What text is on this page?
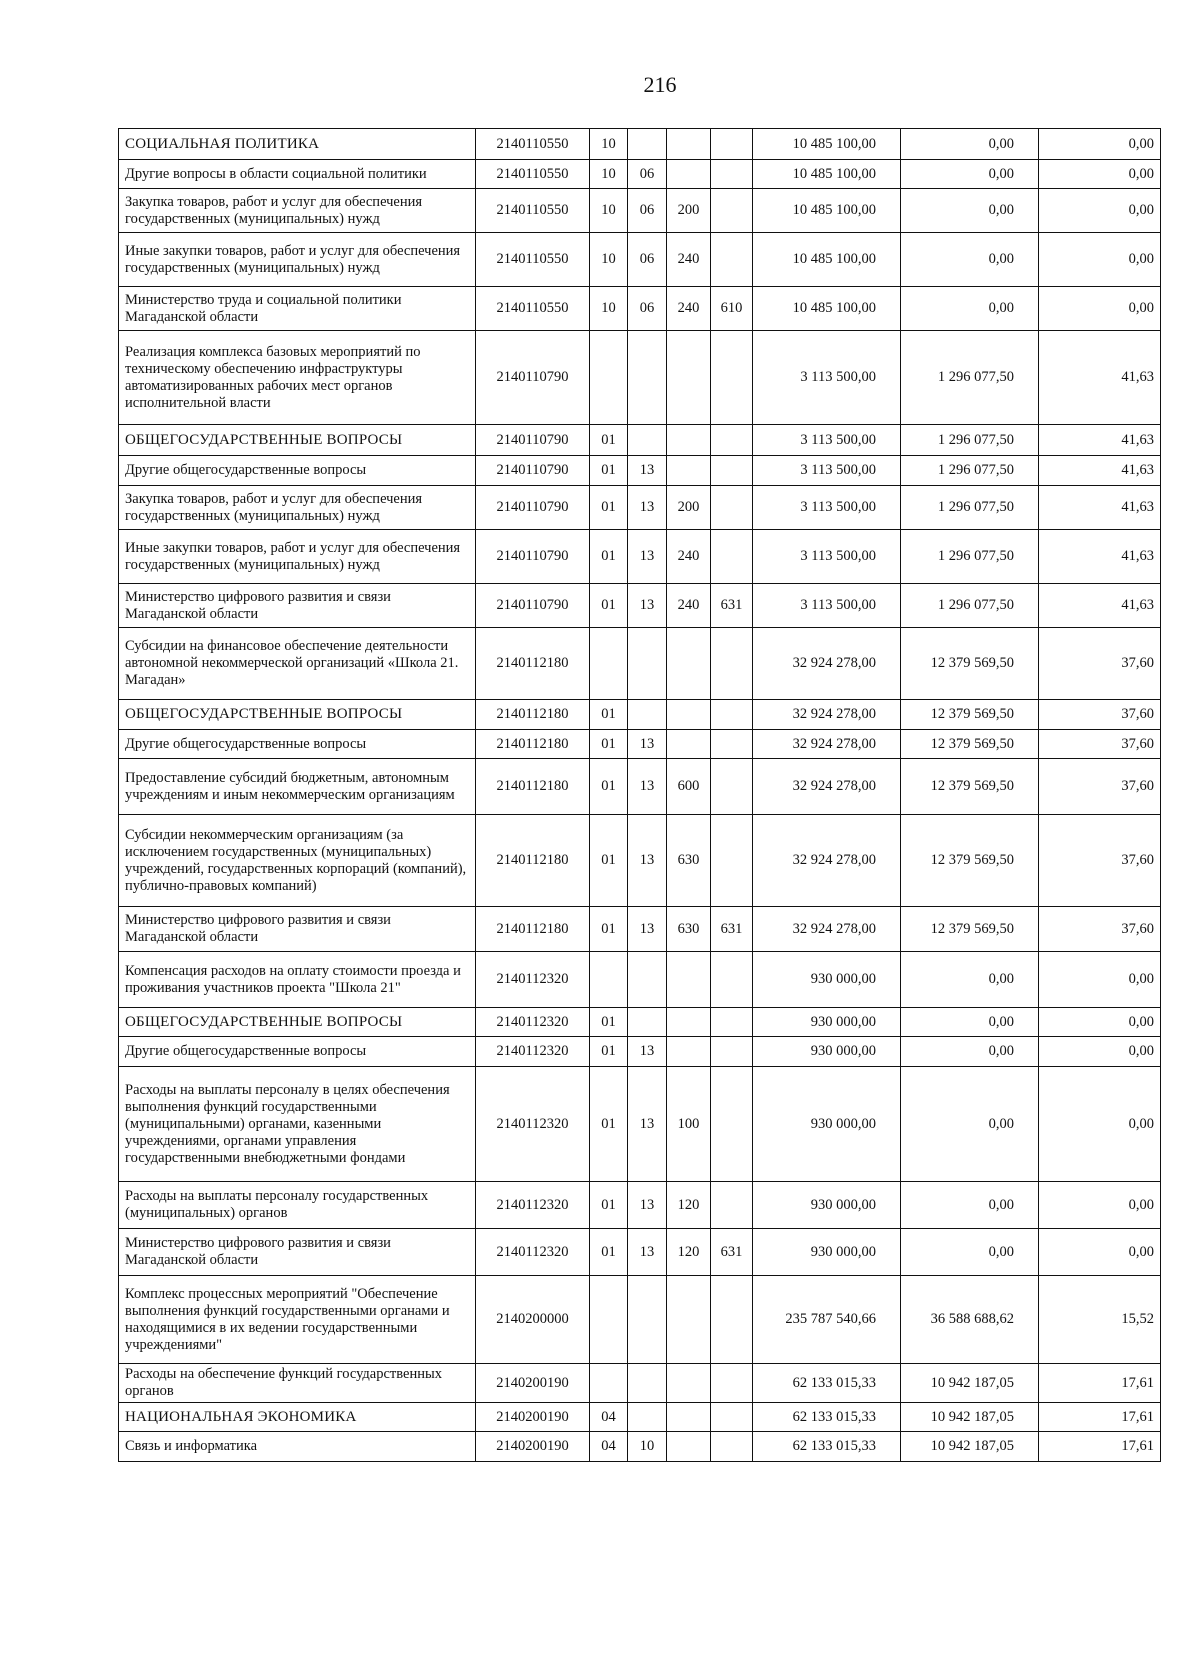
216
СОЦИАЛЬНАЯ ПОЛИТИКА	2140110550	10				10 485 100,00	0,00	0,00
Другие вопросы в области социальной политики	2140110550	10	06			10 485 100,00	0,00	0,00
Закупка товаров, работ и услуг для обеспечения государственных (муниципальных) нужд	2140110550	10	06	200		10 485 100,00	0,00	0,00
Иные закупки товаров, работ и услуг для обеспечения государственных (муниципальных) нужд	2140110550	10	06	240		10 485 100,00	0,00	0,00
Министерство труда и социальной политики Магаданской области	2140110550	10	06	240	610	10 485 100,00	0,00	0,00
Реализация комплекса базовых мероприятий по техническому обеспечению инфраструктуры автоматизированных рабочих мест органов исполнительной власти	2140110790					3 113 500,00	1 296 077,50	41,63
ОБЩЕГОСУДАРСТВЕННЫЕ ВОПРОСЫ	2140110790	01				3 113 500,00	1 296 077,50	41,63
Другие общегосударственные вопросы	2140110790	01	13			3 113 500,00	1 296 077,50	41,63
Закупка товаров, работ и услуг для обеспечения государственных (муниципальных) нужд	2140110790	01	13	200		3 113 500,00	1 296 077,50	41,63
Иные закупки товаров, работ и услуг для обеспечения государственных (муниципальных) нужд	2140110790	01	13	240		3 113 500,00	1 296 077,50	41,63
Министерство цифрового развития и связи Магаданской области	2140110790	01	13	240	631	3 113 500,00	1 296 077,50	41,63
Субсидии на финансовое обеспечение деятельности автономной некоммерческой организаций «Школа 21. Магадан»	2140112180					32 924 278,00	12 379 569,50	37,60
ОБЩЕГОСУДАРСТВЕННЫЕ ВОПРОСЫ	2140112180	01				32 924 278,00	12 379 569,50	37,60
Другие общегосударственные вопросы	2140112180	01	13			32 924 278,00	12 379 569,50	37,60
Предоставление субсидий бюджетным, автономным учреждениям и иным некоммерческим организациям	2140112180	01	13	600		32 924 278,00	12 379 569,50	37,60
Субсидии некоммерческим организациям (за исключением государственных (муниципальных) учреждений, государственных корпораций (компаний), публично-правовых компаний)	2140112180	01	13	630		32 924 278,00	12 379 569,50	37,60
Министерство цифрового развития и связи Магаданской области	2140112180	01	13	630	631	32 924 278,00	12 379 569,50	37,60
Компенсация расходов на оплату стоимости проезда и проживания участников проекта "Школа 21"	2140112320					930 000,00	0,00	0,00
ОБЩЕГОСУДАРСТВЕННЫЕ ВОПРОСЫ	2140112320	01				930 000,00	0,00	0,00
Другие общегосударственные вопросы	2140112320	01	13			930 000,00	0,00	0,00
Расходы на выплаты персоналу в целях обеспечения выполнения функций государственными (муниципальными) органами, казенными учреждениями, органами управления государственными внебюджетными фондами	2140112320	01	13	100		930 000,00	0,00	0,00
Расходы на выплаты персоналу государственных (муниципальных) органов	2140112320	01	13	120		930 000,00	0,00	0,00
Министерство цифрового развития и связи Магаданской области	2140112320	01	13	120	631	930 000,00	0,00	0,00
Комплекс процессных мероприятий "Обеспечение выполнения функций государственными органами и находящимися в их ведении государственными учреждениями"	2140200000					235 787 540,66	36 588 688,62	15,52
Расходы на обеспечение функций государственных органов	2140200190					62 133 015,33	10 942 187,05	17,61
НАЦИОНАЛЬНАЯ ЭКОНОМИКА	2140200190	04				62 133 015,33	10 942 187,05	17,61
Связь и информатика	2140200190	04	10			62 133 015,33	10 942 187,05	17,61
